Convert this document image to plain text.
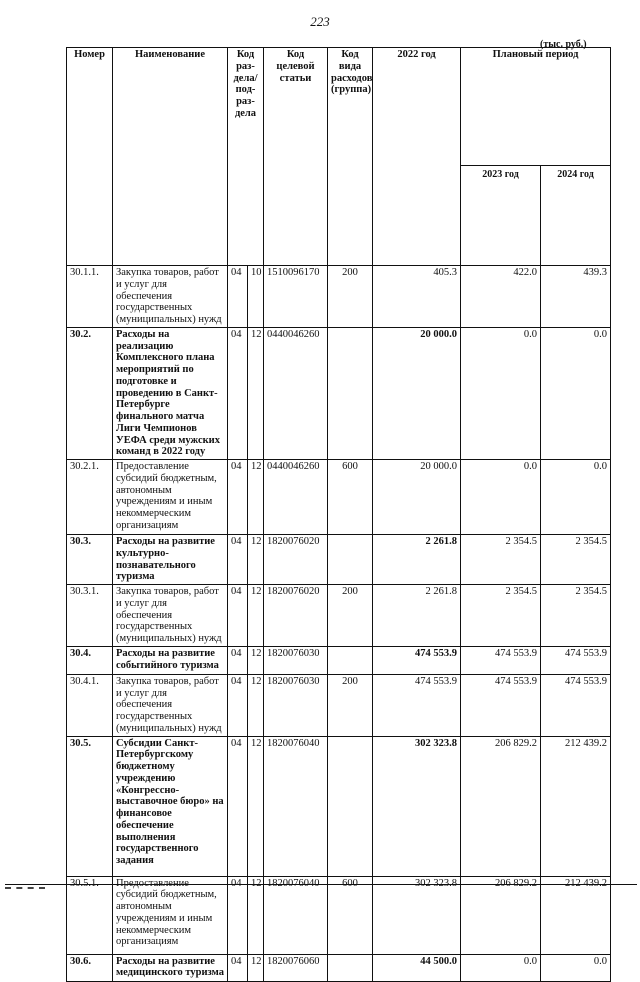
223
(тыс. руб.)
Номер	Наименование	Код раз-дела/ под-раз-дела		Код целевой статьи	Код вида расходов (группа)	2022 год	Плановый период	
							2023 год	2024 год
30.1.1.	Закупка товаров, работ и услуг для обеспечения государственных (муниципальных) нужд	04	10	1510096170	200	405.3	422.0	439.3
30.2.	Расходы на реализацию Комплексного плана мероприятий по подготовке и проведению в Санкт-Петербурге финального матча Лиги Чемпионов УЕФА среди мужских команд в 2022 году	04	12	0440046260		20 000.0	0.0	0.0
30.2.1.	Предоставление субсидий бюджетным, автономным учреждениям и иным некоммерческим организациям	04	12	0440046260	600	20 000.0	0.0	0.0
30.3.	Расходы на развитие культурно-познавательного туризма	04	12	1820076020		2 261.8	2 354.5	2 354.5
30.3.1.	Закупка товаров, работ и услуг для обеспечения государственных (муниципальных) нужд	04	12	1820076020	200	2 261.8	2 354.5	2 354.5
30.4.	Расходы на развитие событийного туризма	04	12	1820076030		474 553.9	474 553.9	474 553.9
30.4.1.	Закупка товаров, работ и услуг для обеспечения государственных (муниципальных) нужд	04	12	1820076030	200	474 553.9	474 553.9	474 553.9
30.5.	Субсидии Санкт-Петербургскому бюджетному учреждению «Конгрессно-выставочное бюро» на финансовое обеспечение выполнения государственного задания	04	12	1820076040		302 323.8	206 829.2	212 439.2
30.5.1.	Предоставление субсидий бюджетным, автономным учреждениям и иным некоммерческим организациям	04	12	1820076040	600	302 323.8	206 829.2	212 439.2
30.6.	Расходы на развитие медицинского туризма	04	12	1820076060		44 500.0	0.0	0.0
